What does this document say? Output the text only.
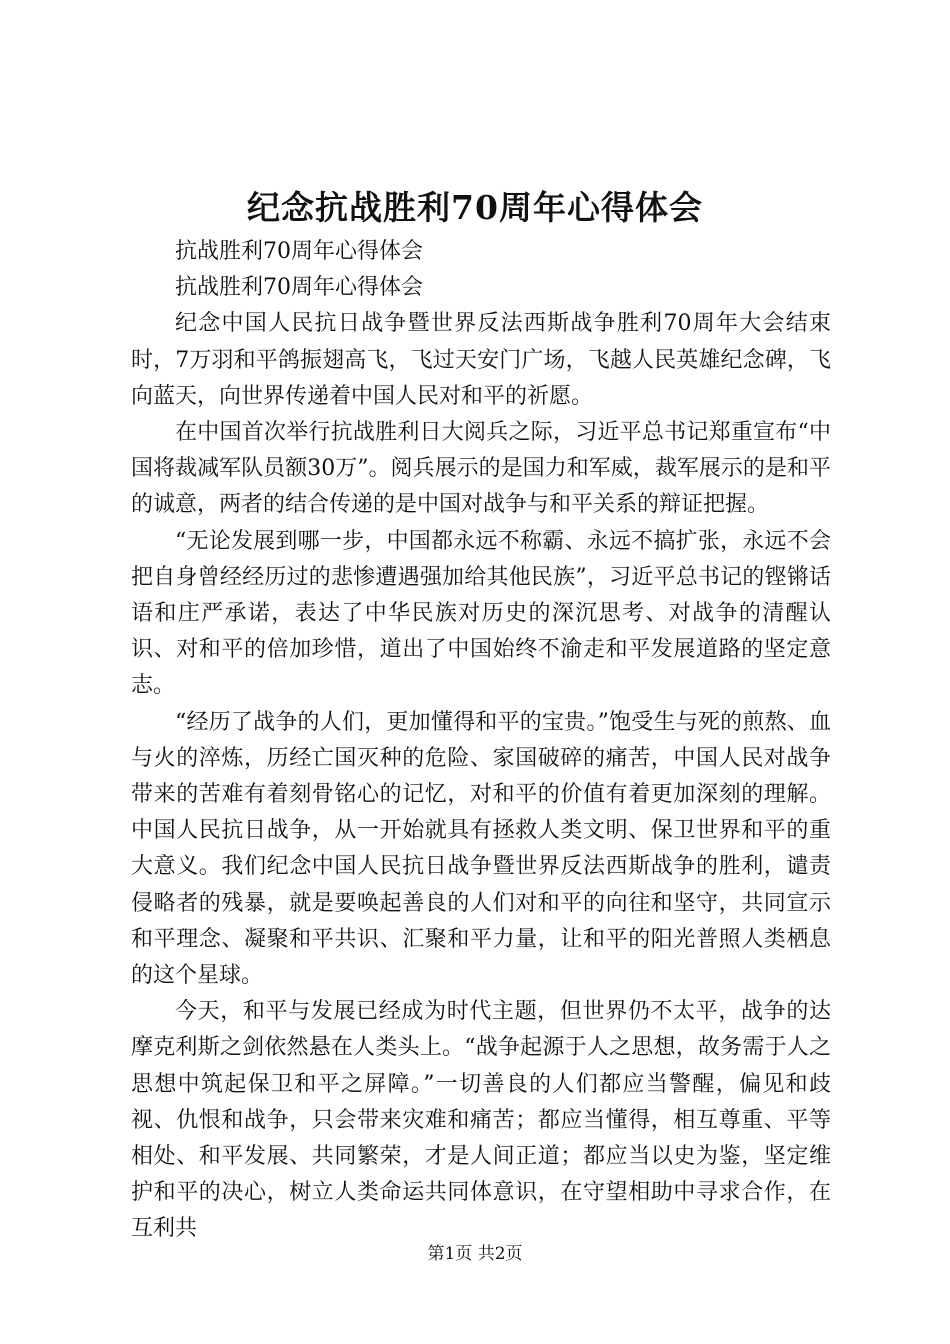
纪念抗战胜利70周年心得体会

抗战胜利70周年心得体会

抗战胜利70周年心得体会

纪念中国人民抗日战争暨世界反法西斯战争胜利70周年大会结束时，7万羽和平鸽振翅高飞，飞过天安门广场，飞越人民英雄纪念碑，飞向蓝天，向世界传递着中国人民对和平的祈愿。

在中国首次举行抗战胜利日大阅兵之际，习近平总书记郑重宣布“中国将裁减军队员额30万”。阅兵展示的是国力和军威，裁军展示的是和平的诚意，两者的结合传递的是中国对战争与和平关系的辩证把握。

“无论发展到哪一步，中国都永远不称霸、永远不搞扩张，永远不会把自身曾经经历过的悲惨遭遇强加给其他民族”，习近平总书记的铿锵话语和庄严承诺，表达了中华民族对历史的深沉思考、对战争的清醒认识、对和平的倍加珍惜，道出了中国始终不渝走和平发展道路的坚定意志。

“经历了战争的人们，更加懂得和平的宝贵。”饱受生与死的煎熬、血与火的淬炼，历经亡国灭种的危险、家国破碎的痛苦，中国人民对战争带来的苦难有着刻骨铭心的记忆，对和平的价值有着更加深刻的理解。中国人民抗日战争，从一开始就具有拯救人类文明、保卫世界和平的重大意义。我们纪念中国人民抗日战争暨世界反法西斯战争的胜利，谴责侵略者的残暴，就是要唤起善良的人们对和平的向往和坚守，共同宣示和平理念、凝聚和平共识、汇聚和平力量，让和平的阳光普照人类栖息的这个星球。

今天，和平与发展已经成为时代主题，但世界仍不太平，战争的达摩克利斯之剑依然悬在人类头上。“战争起源于人之思想，故务需于人之思想中筑起保卫和平之屏障。”一切善良的人们都应当警醒，偏见和歧视、仇恨和战争，只会带来灾难和痛苦；都应当懂得，相互尊重、平等相处、和平发展、共同繁荣，才是人间正道；都应当以史为鉴，坚定维护和平的决心，树立人类命运共同体意识，在守望相助中寻求合作，在互利共

第1页 共2页
